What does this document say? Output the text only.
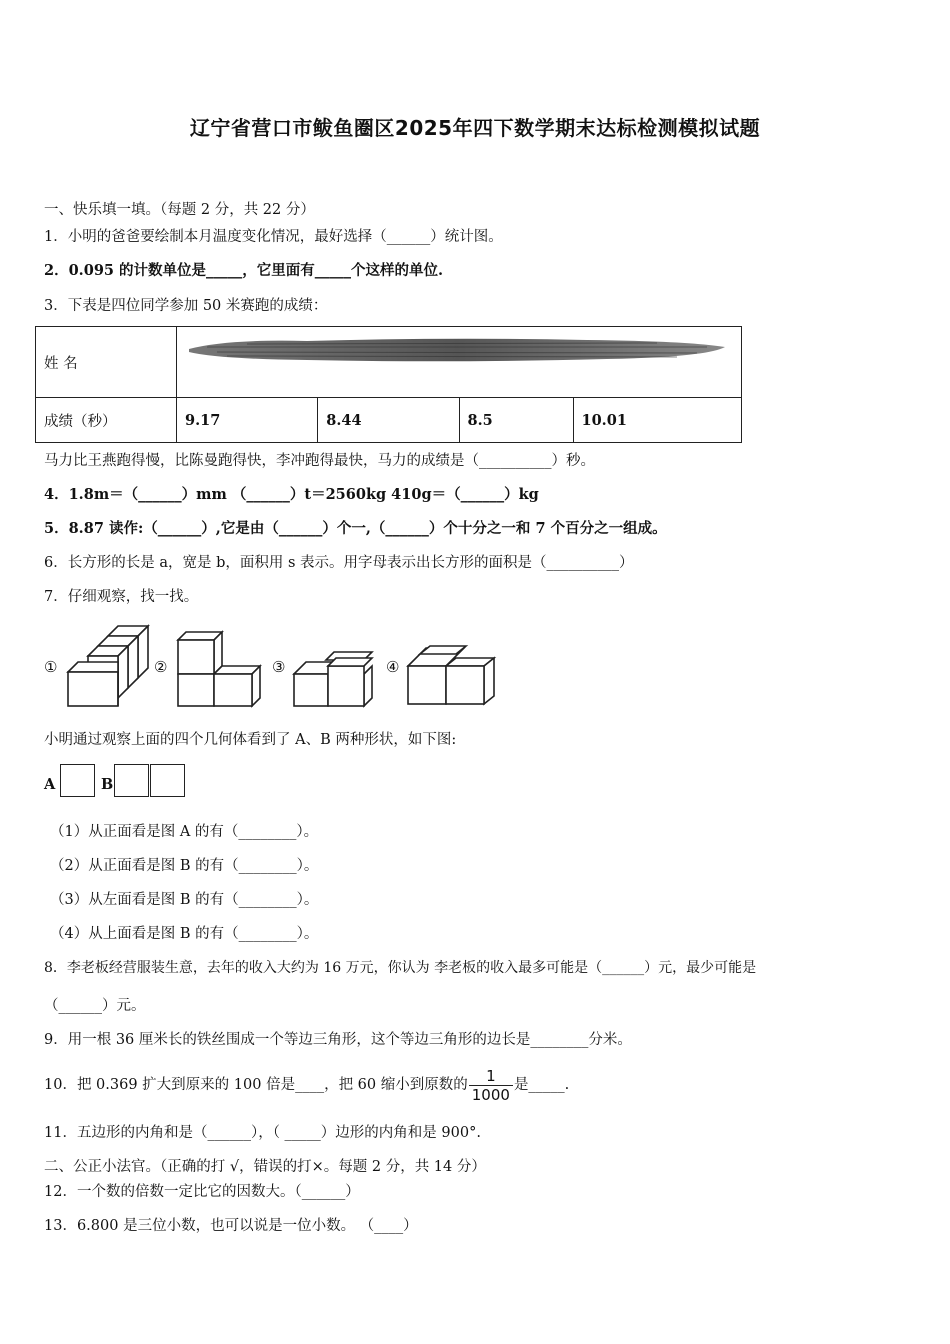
辽宁省营口市鲅鱼圈区2025年四下数学期末达标检测模拟试题
一、快乐填一填。（每题 2 分，共 22 分）
1．小明的爸爸要绘制本月温度变化情况，最好选择（______）统计图。
2．0.095 的计数单位是_____，它里面有_____个这样的单位.
3．下表是四位同学参加 50 米赛跑的成绩：
姓 名	

成绩（秒）	9.17	8.44	8.5	10.01
马力比王燕跑得慢，比陈曼跑得快，李冲跑得最快，马力的成绩是（__________）秒。
4．1.8m＝（______）mm （______）t＝2560kg 410g＝（______）kg
5．8.87 读作:（______）,它是由（______）个一,（______）个十分之一和 7 个百分之一组成。
6．长方形的长是 a，宽是 b，面积用 s 表示。用字母表示出长方形的面积是（__________）
7．仔细观察，找一找。
①	②	③	④
小明通过观察上面的四个几何体看到了 A、B 两种形状，如下图:
A	B
（1）从正面看是图 A 的有（________）。
（2）从正面看是图 B 的有（________）。
（3）从左面看是图 B 的有（________）。
（4）从上面看是图 B 的有（________）。
8．李老板经营服装生意，去年的收入大约为 16 万元，你认为 李老板的收入最多可能是（______）元，最少可能是
（______）元。
9．用一根 36 厘米长的铁丝围成一个等边三角形，这个等边三角形的边长是________分米。
10．把 0.369 扩大到原来的 100 倍是____，把 60 缩小到原数的 $\frac{1}{1000}$ 是_____.
11．五边形的内角和是（______），（ _____）边形的内角和是 900°.
二、公正小法官。（正确的打 √，错误的打×。每题 2 分，共 14 分）
12．一个数的倍数一定比它的因数大。（______）
13．6.800 是三位小数，也可以说是一位小数。 （____）
